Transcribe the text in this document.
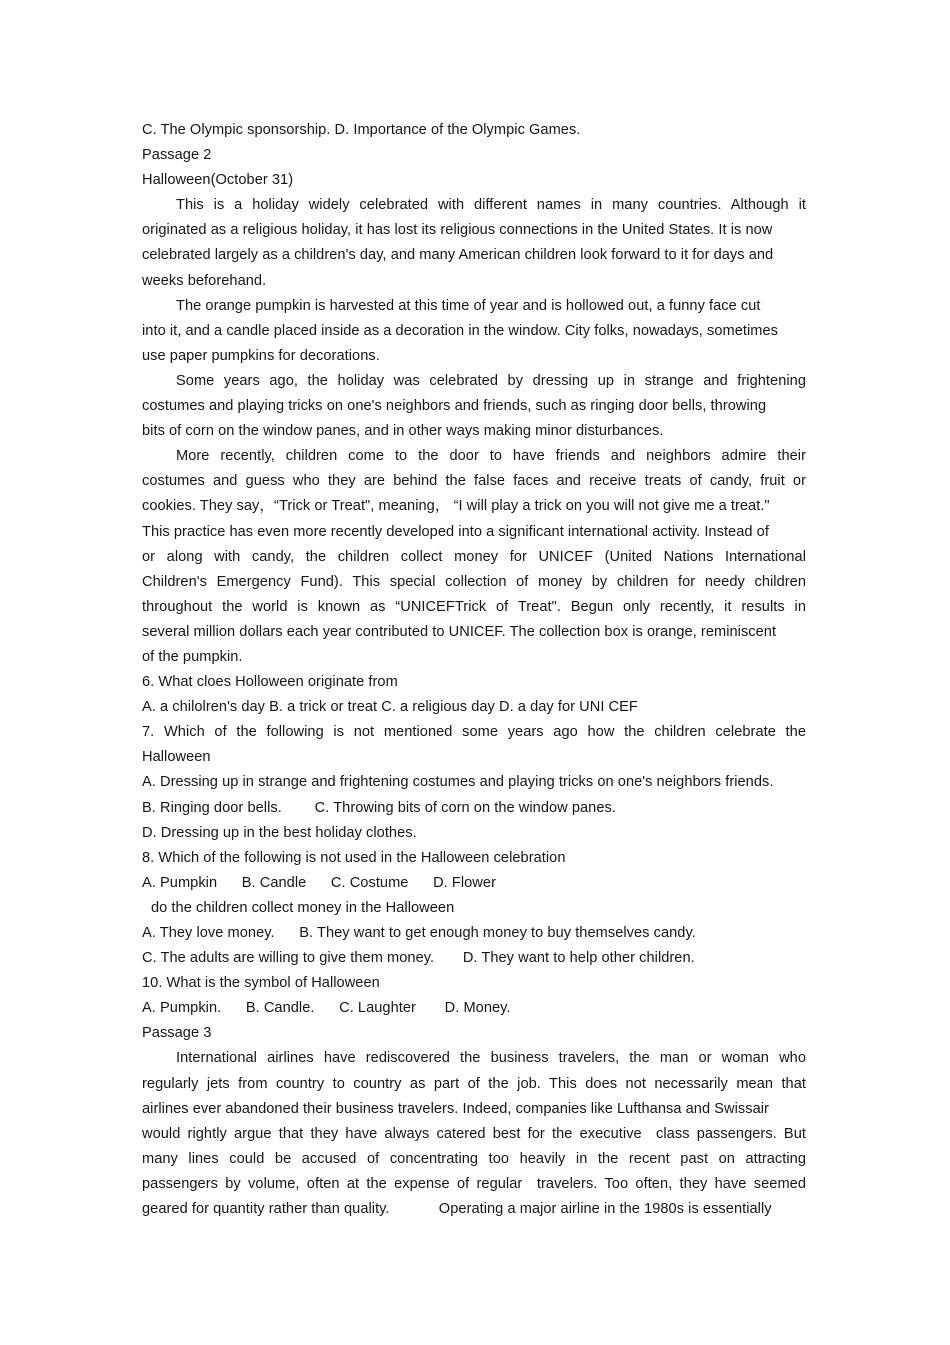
C. The Olympic sponsorship. D. Importance of the Olympic Games.
Passage 2
Halloween(October 31)
This is a holiday widely celebrated with different names in many countries. Although it
originated as a religious holiday, it has lost its religious connections in the United States. It is now
celebrated largely as a children's day, and many American children look forward to it for days and
weeks beforehand.
The orange pumpkin is harvested at this time of year and is hollowed out, a funny face cut
into it, and a candle placed inside as a decoration in the window. City folks, nowadays, sometimes
use paper pumpkins for decorations.
Some years ago, the holiday was celebrated by dressing up in strange and frightening
costumes and playing tricks on one's neighbors and friends, such as ringing door bells, throwing
bits of corn on the window panes, and in other ways making minor disturbances.
More recently, children come to the door to have friends and neighbors admire their
costumes and guess who they are behind the false faces and receive treats of candy, fruit or
cookies. They say，“Trick or Treat", meaning， “I will play a trick on you will not give me a treat."
This practice has even more recently developed into a significant international activity. Instead of
or along with candy, the children collect money for UNICEF (United Nations International
Children's Emergency Fund). This special collection of money by children for needy children
throughout the world is known as “UNICEFTrick of Treat". Begun only recently, it results in
several million dollars each year contributed to UNICEF. The collection box is orange, reminiscent
of the pumpkin.
6. What cloes Holloween originate from
A. a chilolren's day B. a trick or treat C. a religious day D. a day for UNI CEF
7. Which of the following is not mentioned some years ago how the children celebrate the
Halloween
A. Dressing up in strange and frightening costumes and playing tricks on one's neighbors friends.
B. Ringing door bells.        C. Throwing bits of corn on the window panes.
D. Dressing up in the best holiday clothes.
8. Which of the following is not used in the Halloween celebration
A. Pumpkin      B. Candle      C. Costume      D. Flower
do the children collect money in the Halloween
A. They love money.      B. They want to get enough money to buy themselves candy.
C. The adults are willing to give them money.       D. They want to help other children.
10. What is the symbol of Halloween
A. Pumpkin.      B. Candle.      C. Laughter       D. Money.
Passage 3
International airlines have rediscovered the business travelers, the man or woman who
regularly jets from country to country as part of the job. This does not necessarily mean that
airlines ever abandoned their business travelers. Indeed, companies like Lufthansa and Swissair
would rightly argue that they have always catered best for the executive  class passengers. But
many lines could be accused of concentrating too heavily in the recent past on attracting
passengers by volume, often at the expense of regular  travelers. Too often, they have seemed
geared for quantity rather than quality.            Operating a major airline in the 1980s is essentially
